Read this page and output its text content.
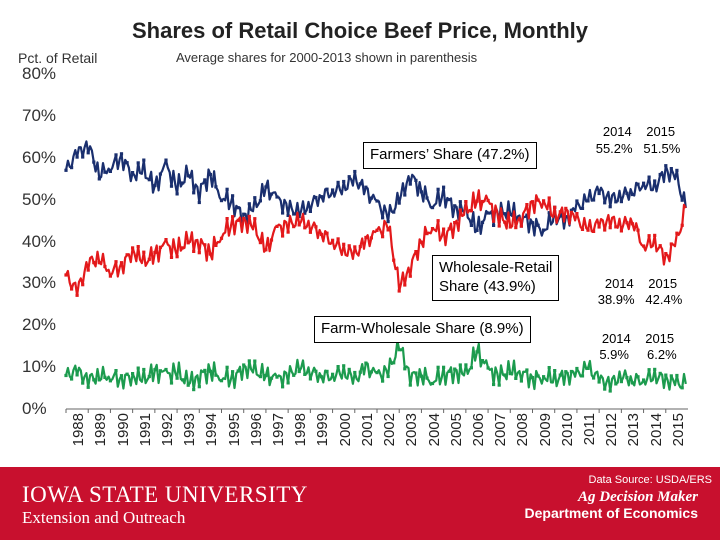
Shares of Retail Choice Beef Price, Monthly
Average shares for 2000-2013 shown in parenthesis
Pct. of Retail
0%
10%
20%
30%
40%
50%
60%
70%
80%
1988 1989 1990 1991 1992 1993 1994 1995 1996 1997 1998 1999 2000 2001 2002 2003 2004 2005 2006 2007 2008 2009 2010 2011 2012 2013 2014 2015
Farmers’ Share (47.2%)
Wholesale-Retail
Share (43.9%)
Farm-Wholesale Share (8.9%)
2014    2015
55.2%   51.5%
2014    2015
38.9%   42.4%
2014    2015
5.9%     6.2%
Data Source: USDA/ERS
IOWA STATE UNIVERSITY
Extension and Outreach
Ag Decision Maker
Department of Economics
